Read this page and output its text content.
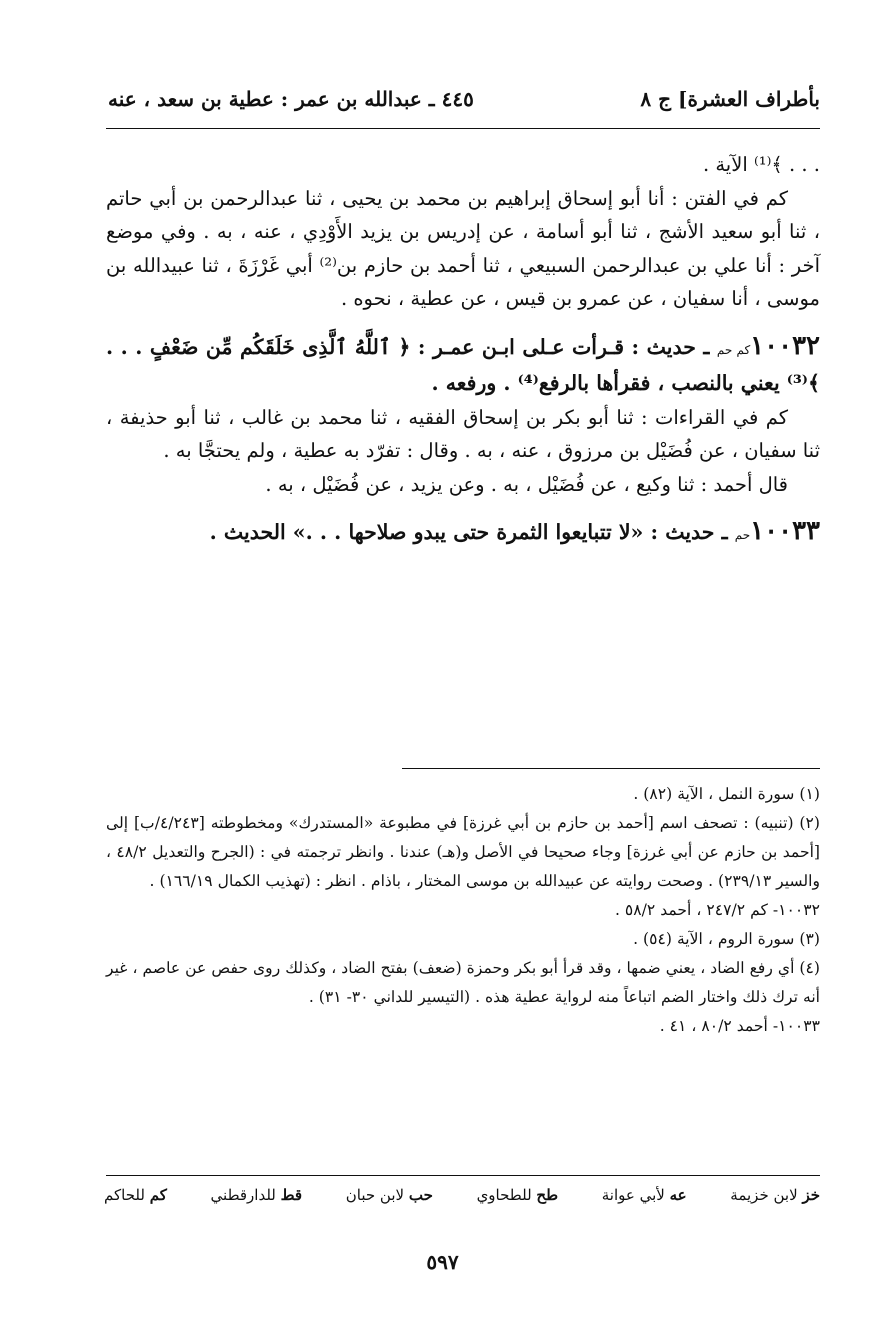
بأطراف العشرة] ج ٨
٤٤٥ ـ عبدالله بن عمر : عطية بن سعد ، عنه

. . . ﴾⁽¹⁾ الآية .

كم في الفتن : أنا أبو إسحاق إبراهيم بن محمد بن يحيى ، ثنا عبدالرحمن بن أبي حاتم ، ثنا أبو سعيد الأشج ، ثنا أبو أسامة ، عن إدريس بن يزيد الأَوْدِي ، عنه ، به . وفي موضع آخر : أنا علي بن عبدالرحمن السبيعي ، ثنا أحمد بن حازم بن⁽²⁾ أبي غَرْزَةَ ، ثنا عبيدالله بن موسى ، أنا سفيان ، عن عمرو بن قيس ، عن عطية ، نحوه .

١٠٠٣٢كم حم ـ حديث : قـرأت عـلى ابـن عمـر : ﴿ ٱللَّهُ ٱلَّذِى خَلَقَكُم مِّن ضَعْفٍ . . . ﴾⁽³⁾ يعني بالنصب ، فقرأها بالرفع⁽⁴⁾ . ورفعه .

كم في القراءات : ثنا أبو بكر بن إسحاق الفقيه ، ثنا محمد بن غالب ، ثنا أبو حذيفة ، ثنا سفيان ، عن فُضَيْل بن مرزوق ، عنه ، به . وقال : تفرّد به عطية ، ولم يحتجَّا به .

قال أحمد : ثنا وكيع ، عن فُضَيْل ، به . وعن يزيد ، عن فُضَيْل ، به .

١٠٠٣٣حم ـ حديث : «لا تتبايعوا الثمرة حتى يبدو صلاحها . . .» الحديث .

(١) سورة النمل ، الآية (٨٢) .

(٢) (تنبيه) : تصحف اسم [أحمد بن حازم بن أبي غرزة] في مطبوعة «المستدرك» ومخطوطته [٤/٢٤٣/ب] إلى [أحمد بن حازم عن أبي غرزة] وجاء صحيحا في الأصل و(هـ) عندنا . وانظر ترجمته في : (الجرح والتعديل ٤٨/٢ ، والسير ٢٣٩/١٣) . وصحت روايته عن عبيدالله بن موسى المختار ، باذام . انظر : (تهذيب الكمال ١٦٦/١٩) .

١٠٠٣٢- كم ٢٤٧/٢ ، أحمد ٥٨/٢ .

(٣) سورة الروم ، الآية (٥٤) .

(٤) أي رفع الضاد ، يعني ضمها ، وقد قرأ أبو بكر وحمزة (ضعف) بفتح الضاد ، وكذلك روى حفص عن عاصم ، غير أنه ترك ذلك واختار الضم اتباعاً منه لرواية عطية هذه . (التيسير للداني ٣٠- ٣١) .

١٠٠٣٣- أحمد ٨٠/٢ ، ٤١ .

خز لابن خزيمة
عه لأبي عوانة
طح للطحاوي
حب لابن حبان
قط للدارقطني
كم للحاكم
٥٩٧
